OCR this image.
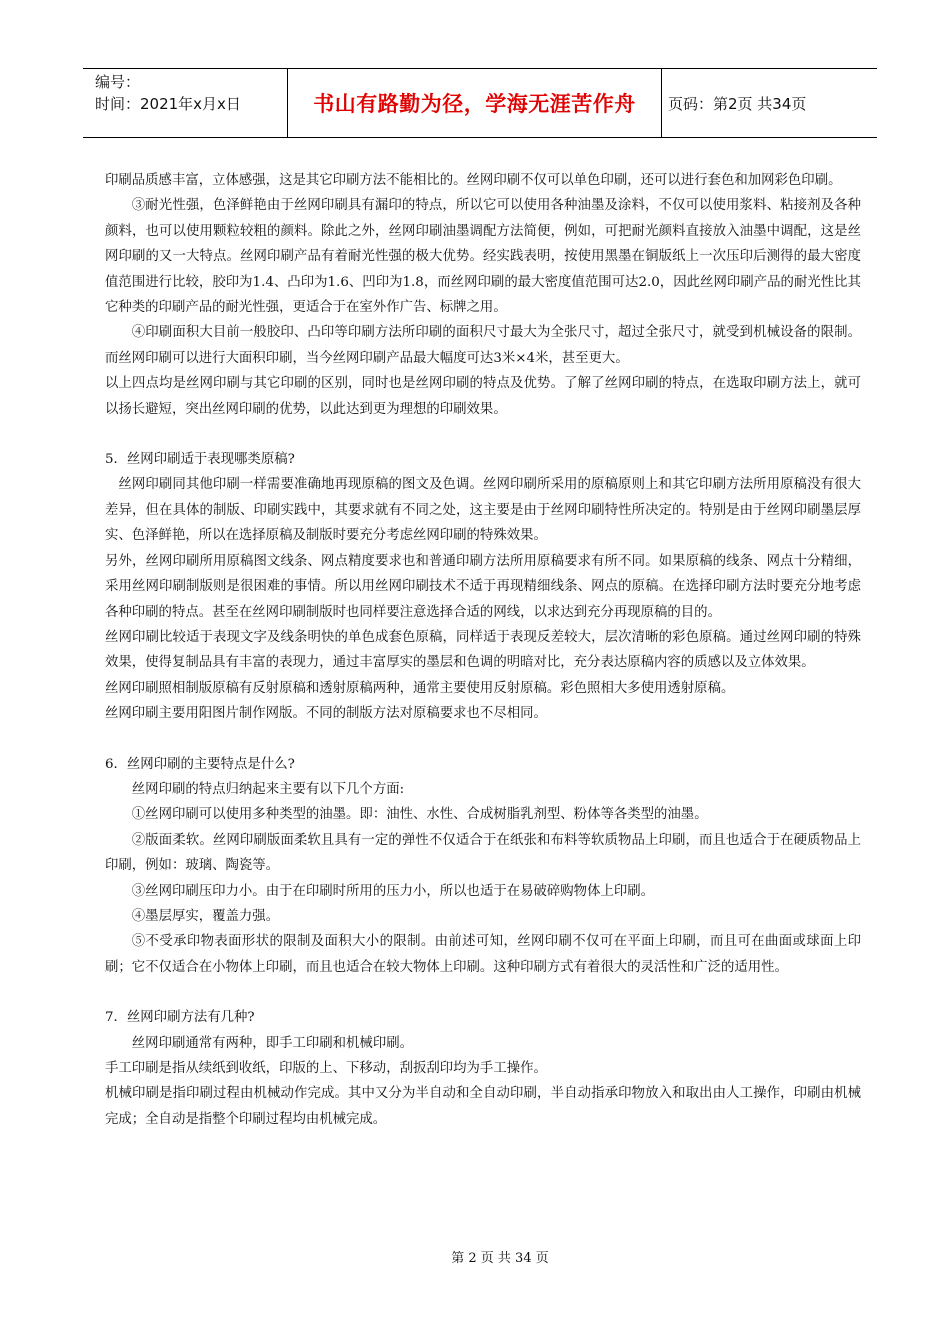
编号：
时间：2021年x月x日	书山有路勤为径，学海无涯苦作舟	页码：第2页 共34页

印刷品质感丰富，立体感强，这是其它印刷方法不能相比的。丝网印刷不仅可以单色印刷，还可以进行套色和加网彩色印刷。

③耐光性强，色泽鲜艳由于丝网印刷具有漏印的特点，所以它可以使用各种油墨及涂料，不仅可以使用浆料、粘接剂及各种颜料，也可以使用颗粒较粗的颜料。除此之外，丝网印刷油墨调配方法简便，例如，可把耐光颜料直接放入油墨中调配，这是丝网印刷的又一大特点。丝网印刷产品有着耐光性强的极大优势。经实践表明，按使用黑墨在铜版纸上一次压印后测得的最大密度值范围进行比较，胶印为1.4、凸印为1.6、凹印为1.8，而丝网印刷的最大密度值范围可达2.0，因此丝网印刷产品的耐光性比其它种类的印刷产品的耐光性强，更适合于在室外作广告、标牌之用。

④印刷面积大目前一般胶印、凸印等印刷方法所印刷的面积尺寸最大为全张尺寸，超过全张尺寸，就受到机械设备的限制。而丝网印刷可以进行大面积印刷，当今丝网印刷产品最大幅度可达3米×4米，甚至更大。

以上四点均是丝网印刷与其它印刷的区别，同时也是丝网印刷的特点及优势。了解了丝网印刷的特点，在选取印刷方法上，就可以扬长避短，突出丝网印刷的优势，以此达到更为理想的印刷效果。

5．丝网印刷适于表现哪类原稿?

丝网印刷同其他印刷一样需要准确地再现原稿的图文及色调。丝网印刷所采用的原稿原则上和其它印刷方法所用原稿没有很大差异，但在具体的制版、印刷实践中，其要求就有不同之处，这主要是由于丝网印刷特性所决定的。特别是由于丝网印刷墨层厚实、色泽鲜艳，所以在选择原稿及制版时要充分考虑丝网印刷的特殊效果。

另外，丝网印刷所用原稿图文线条、网点精度要求也和普通印刷方法所用原稿要求有所不同。如果原稿的线条、网点十分精细，采用丝网印刷制版则是很困难的事情。所以用丝网印刷技术不适于再现精细线条、网点的原稿。在选择印刷方法时要充分地考虑各种印刷的特点。甚至在丝网印刷制版时也同样要注意选择合适的网线，以求达到充分再现原稿的目的。

丝网印刷比较适于表现文字及线条明快的单色成套色原稿，同样适于表现反差较大，层次清晰的彩色原稿。通过丝网印刷的特殊效果，使得复制品具有丰富的表现力，通过丰富厚实的墨层和色调的明暗对比，充分表达原稿内容的质感以及立体效果。

丝网印刷照相制版原稿有反射原稿和透射原稿两种，通常主要使用反射原稿。彩色照相大多使用透射原稿。

丝网印刷主要用阳图片制作网版。不同的制版方法对原稿要求也不尽相同。

6．丝网印刷的主要特点是什么?

丝网印刷的特点归纳起来主要有以下几个方面:

①丝网印刷可以使用多种类型的油墨。即：油性、水性、合成树脂乳剂型、粉体等各类型的油墨。

②版面柔软。丝网印刷版面柔软且具有一定的弹性不仅适合于在纸张和布料等软质物品上印刷，而且也适合于在硬质物品上印刷，例如：玻璃、陶瓷等。

③丝网印刷压印力小。由于在印刷时所用的压力小，所以也适于在易破碎购物体上印刷。

④墨层厚实，覆盖力强。

⑤不受承印物表面形状的限制及面积大小的限制。由前述可知，丝网印刷不仅可在平面上印刷，而且可在曲面或球面上印刷；它不仅适合在小物体上印刷，而且也适合在较大物体上印刷。这种印刷方式有着很大的灵活性和广泛的适用性。

7．丝网印刷方法有几种?

丝网印刷通常有两种，即手工印刷和机械印刷。

手工印刷是指从续纸到收纸，印版的上、下移动，刮扳刮印均为手工操作。

机械印刷是指印刷过程由机械动作完成。其中又分为半自动和全自动印刷，半自动指承印物放入和取出由人工操作，印刷由机械完成；全自动是指整个印刷过程均由机械完成。

第 2 页 共 34 页
